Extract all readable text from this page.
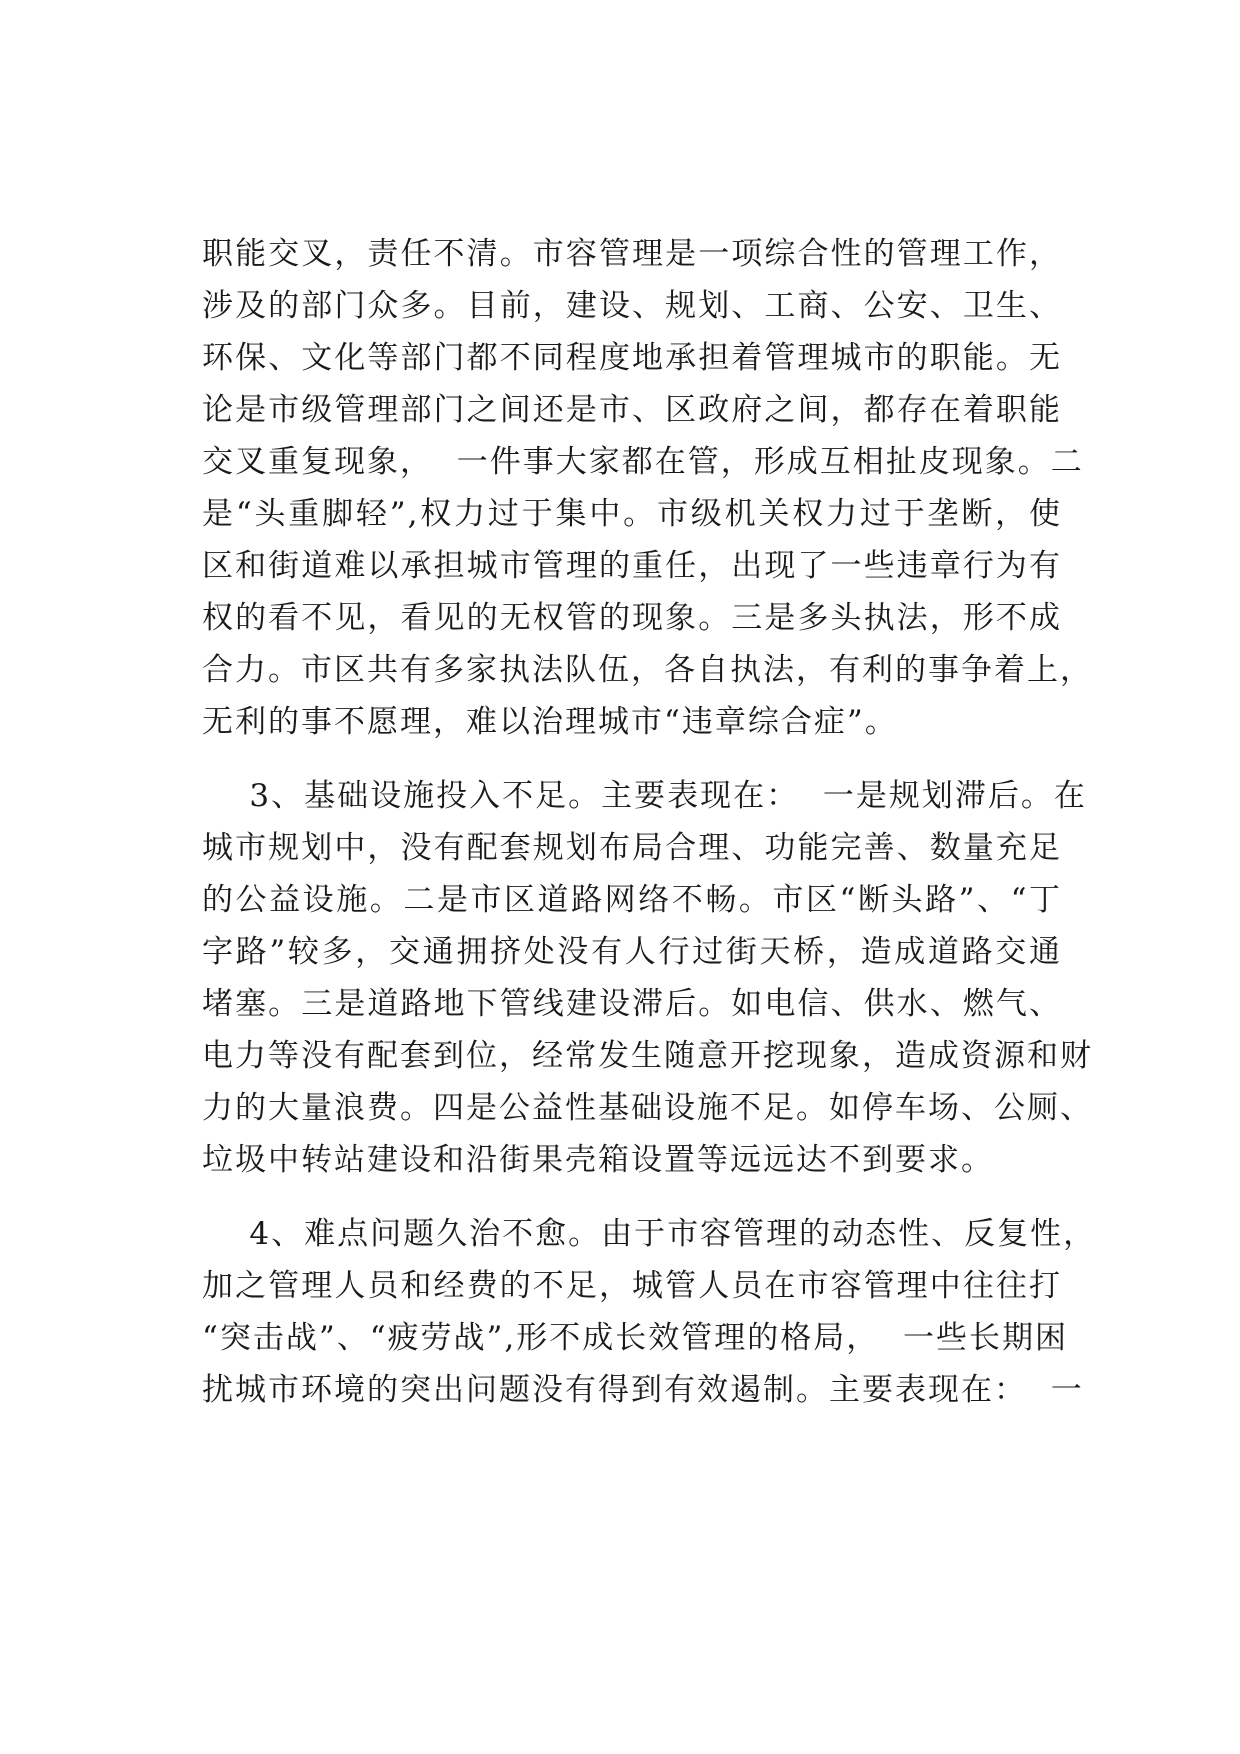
职能交叉，责任不清。市容管理是一项综合性的管理工作，
涉及的部门众多。目前，建设、规划、工商、公安、卫生、
环保、文化等部门都不同程度地承担着管理城市的职能。无
论是市级管理部门之间还是市、区政府之间，都存在着职能
交叉重复现象，  一件事大家都在管，形成互相扯皮现象。二
是“头重脚轻”,权力过于集中。市级机关权力过于垄断，使
区和街道难以承担城市管理的重任，出现了一些违章行为有
权的看不见，看见的无权管的现象。三是多头执法，形不成
合力。市区共有多家执法队伍，各自执法，有利的事争着上，
无利的事不愿理，难以治理城市“违章综合症”。
3、基础设施投入不足。主要表现在：  一是规划滞后。在
城市规划中，没有配套规划布局合理、功能完善、数量充足
的公益设施。二是市区道路网络不畅。市区“断头路”、“丁
字路”较多，交通拥挤处没有人行过街天桥，造成道路交通
堵塞。三是道路地下管线建设滞后。如电信、供水、燃气、
电力等没有配套到位，经常发生随意开挖现象，造成资源和财
力的大量浪费。四是公益性基础设施不足。如停车场、公厕、
垃圾中转站建设和沿街果壳箱设置等远远达不到要求。
4、难点问题久治不愈。由于市容管理的动态性、反复性，
加之管理人员和经费的不足，城管人员在市容管理中往往打
“突击战”、“疲劳战”,形不成长效管理的格局，  一些长期困
扰城市环境的突出问题没有得到有效遏制。主要表现在：  一
